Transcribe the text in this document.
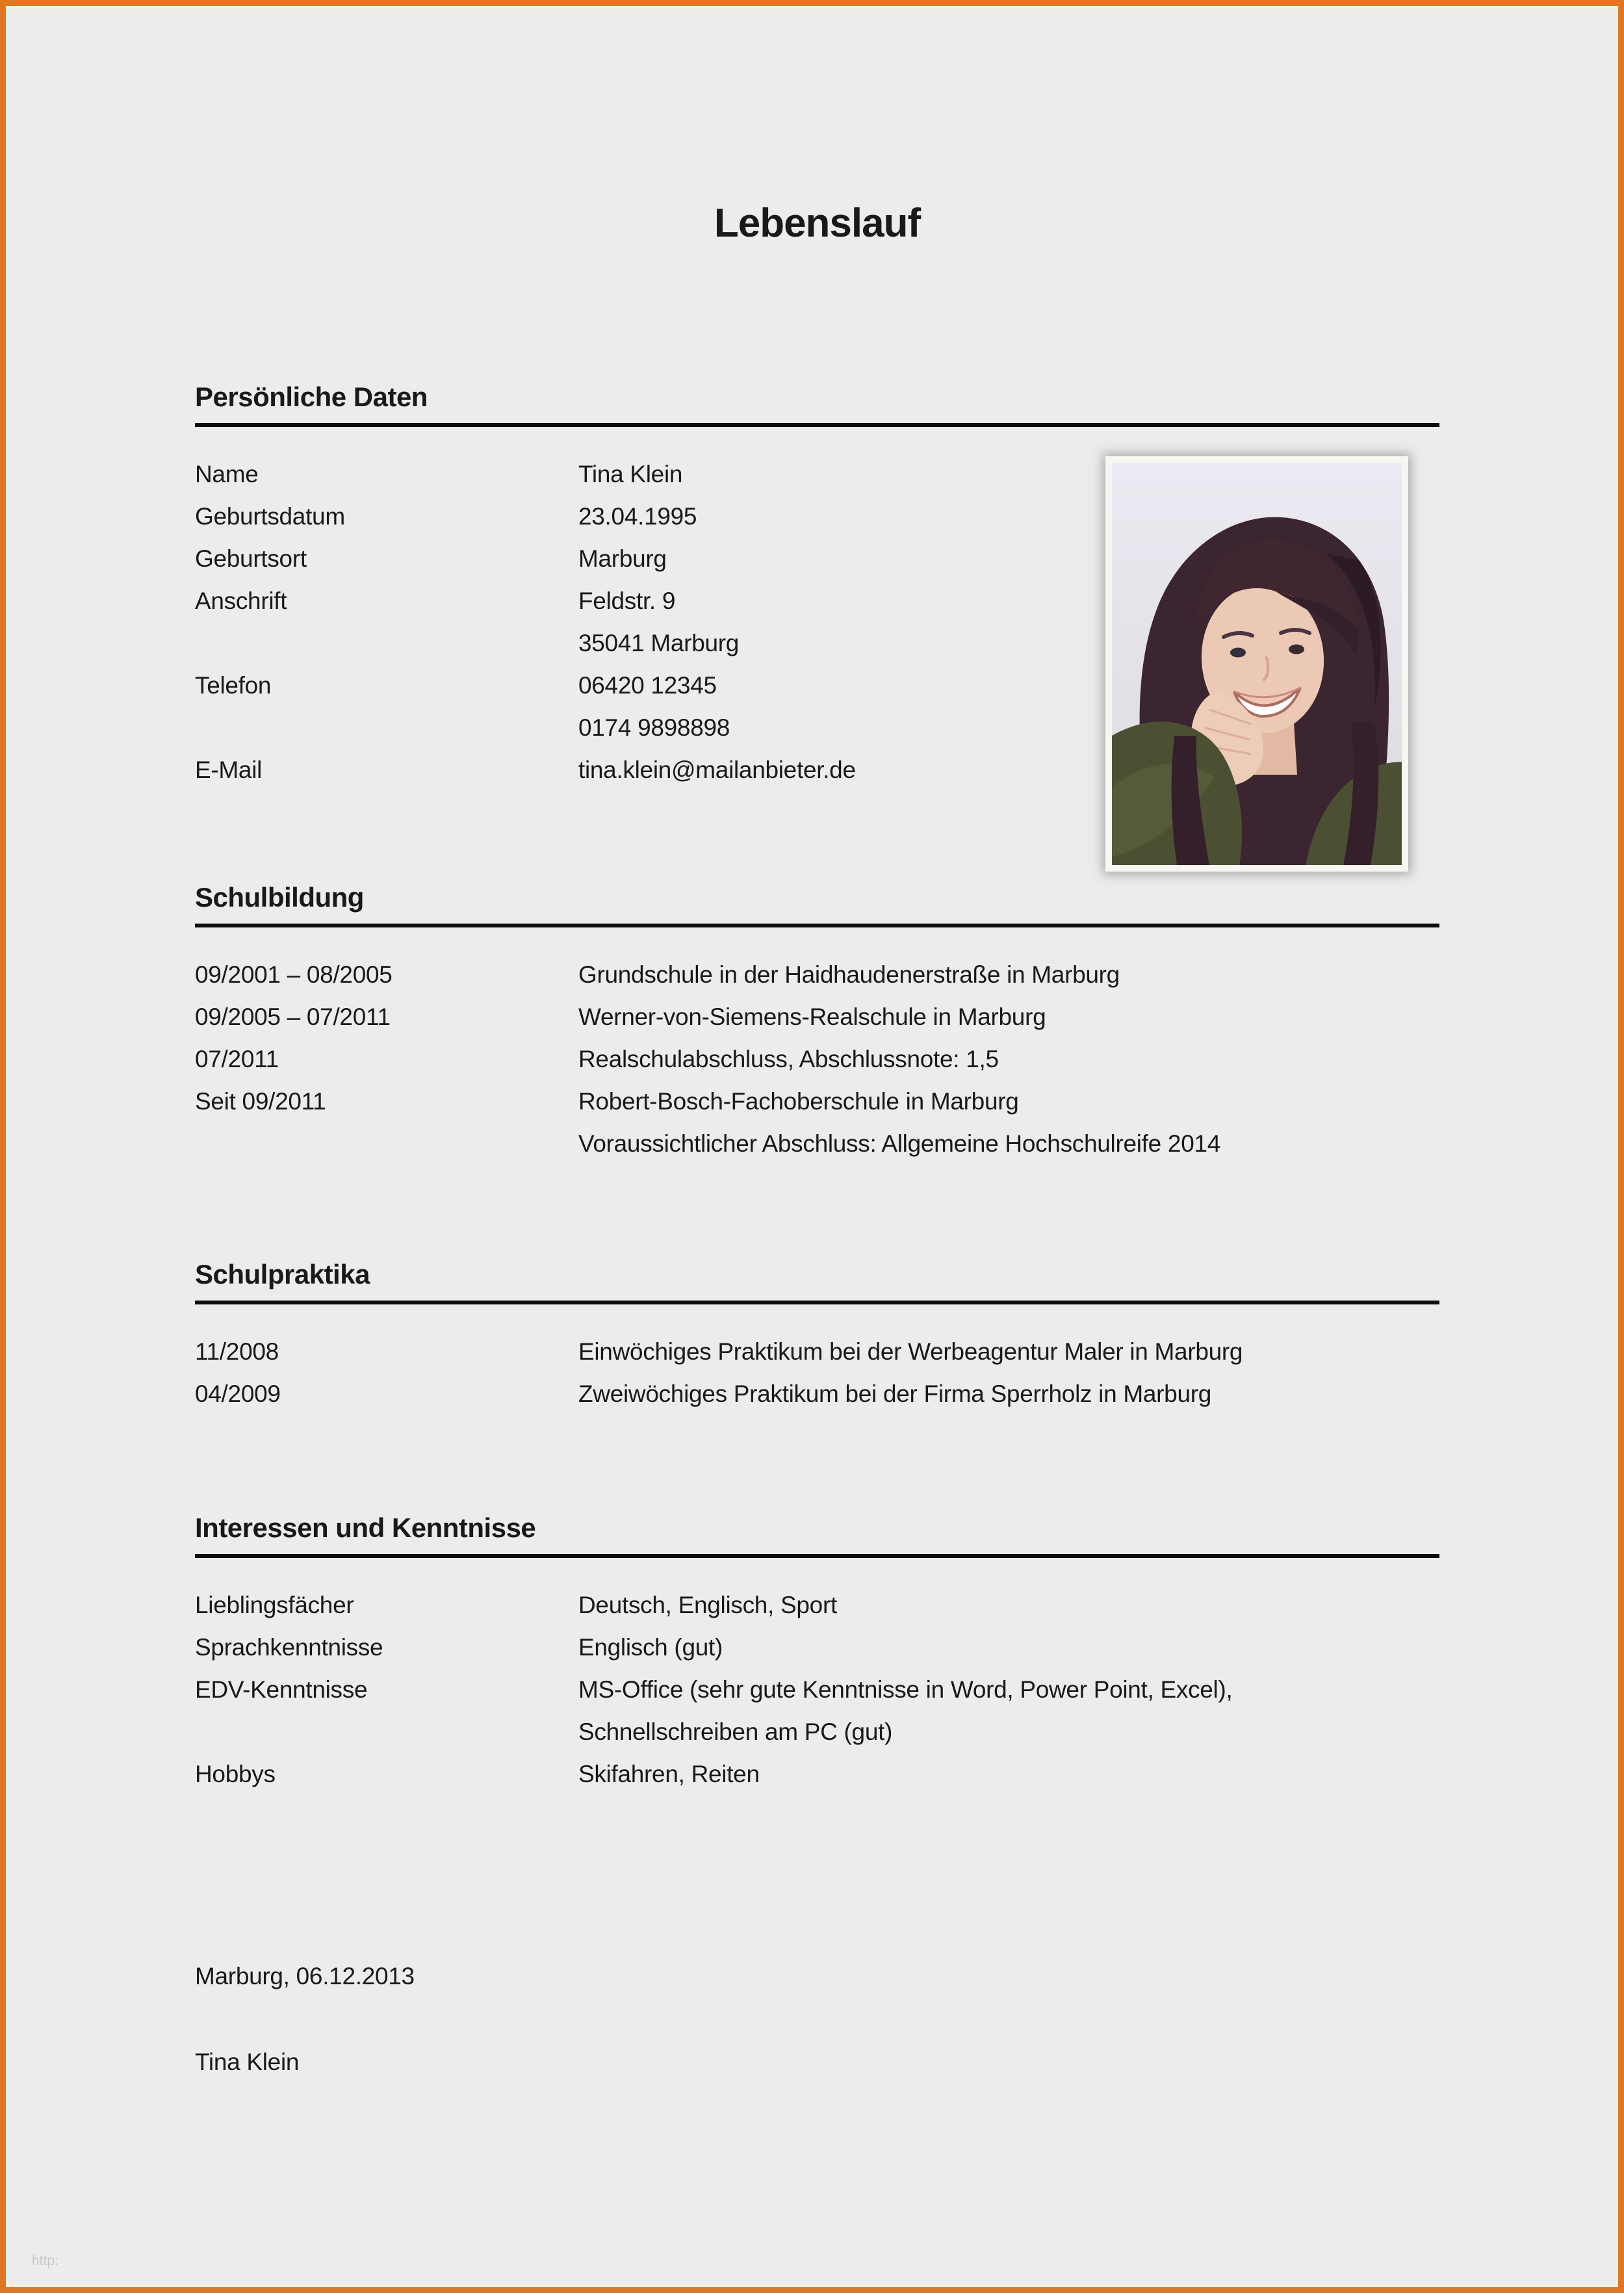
Lebenslauf
Persönliche Daten
Name	Tina Klein
Geburtsdatum	23.04.1995
Geburtsort	Marburg
Anschrift	Feldstr. 9
35041 Marburg
Telefon	06420 12345
0174 9898898
E-Mail	tina.klein@mailanbieter.de
Schulbildung
09/2001 – 08/2005	Grundschule in der Haidhaudenerstraße in Marburg
09/2005 – 07/2011	Werner-von-Siemens-Realschule in Marburg
07/2011	Realschulabschluss, Abschlussnote: 1,5
Seit 09/2011	Robert-Bosch-Fachoberschule in Marburg
Voraussichtlicher Abschluss: Allgemeine Hochschulreife 2014
Schulpraktika
11/2008	Einwöchiges Praktikum bei der Werbeagentur Maler in Marburg
04/2009	Zweiwöchiges Praktikum bei der Firma Sperrholz in Marburg
Interessen und Kenntnisse
Lieblingsfächer	Deutsch, Englisch, Sport
Sprachkenntnisse	Englisch (gut)
EDV-Kenntnisse	MS-Office (sehr gute Kenntnisse in Word, Power Point, Excel),
Schnellschreiben am PC (gut)
Hobbys	Skifahren, Reiten
Marburg, 06.12.2013
Tina Klein
http:
